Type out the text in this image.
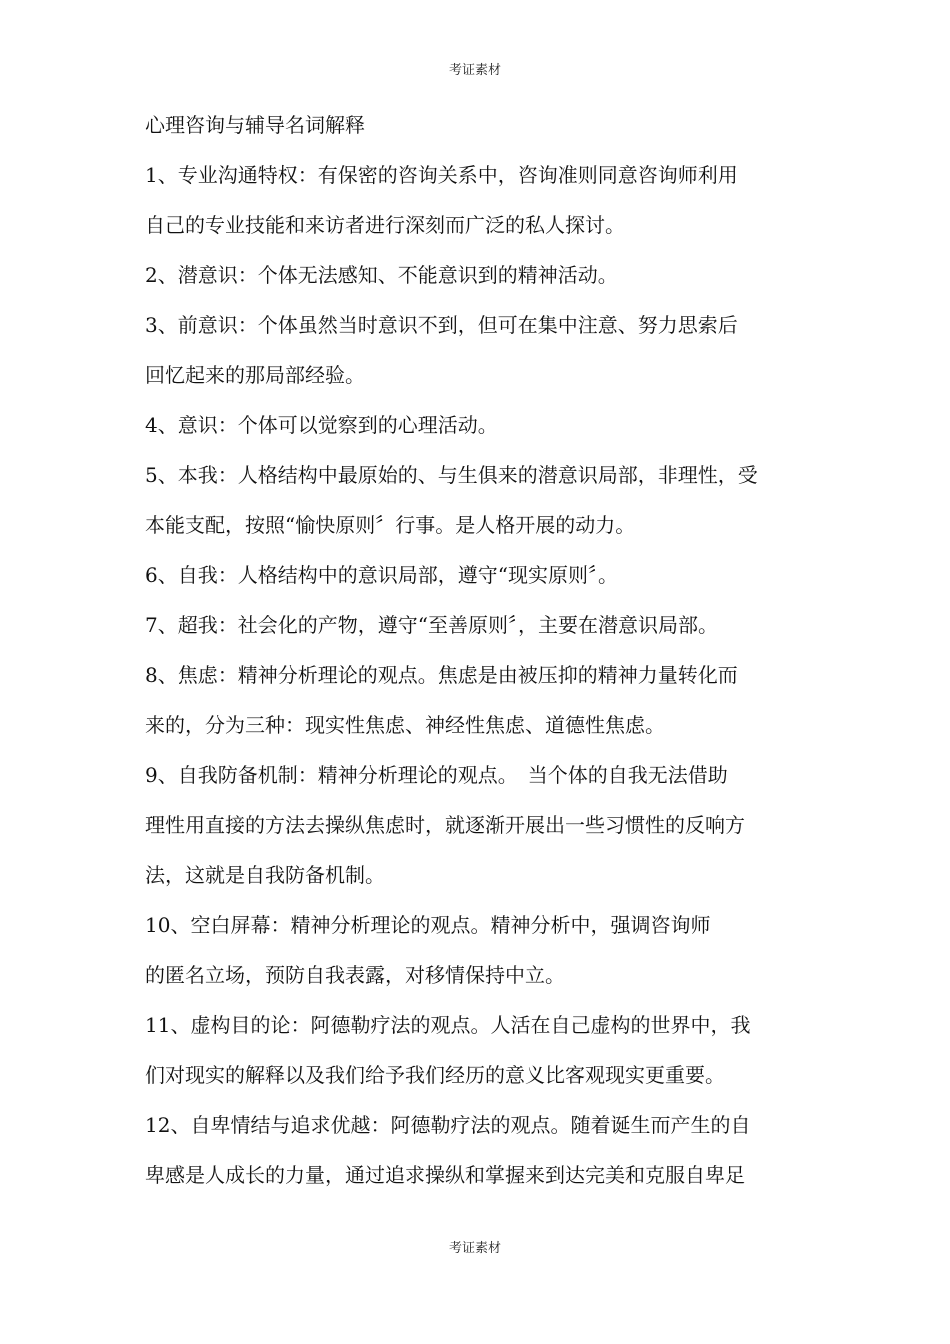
考证素材
心理咨询与辅导名词解释
1、专业沟通特权：有保密的咨询关系中，咨询准则同意咨询师利用
自己的专业技能和来访者进行深刻而广泛的私人探讨。
2、潜意识：个体无法感知、不能意识到的精神活动。
3、前意识：个体虽然当时意识不到，但可在集中注意、努力思索后
回忆起来的那局部经验。
4、意识：个体可以觉察到的心理活动。
5、本我：人格结构中最原始的、与生俱来的潜意识局部，非理性，受
本能支配，按照“愉快原则〞行事。是人格开展的动力。
6、自我：人格结构中的意识局部，遵守“现实原则〞。
7、超我：社会化的产物，遵守“至善原则〞，主要在潜意识局部。
8、焦虑：精神分析理论的观点。焦虑是由被压抑的精神力量转化而
来的，分为三种：现实性焦虑、神经性焦虑、道德性焦虑。
9、自我防备机制：精神分析理论的观点。　当个体的自我无法借助
理性用直接的方法去操纵焦虑时，就逐渐开展出一些习惯性的反响方
法，这就是自我防备机制。
10、空白屏幕：精神分析理论的观点。精神分析中，强调咨询师
的匿名立场，预防自我表露，对移情保持中立。
11、虚构目的论：阿德勒疗法的观点。人活在自己虚构的世界中，我
们对现实的解释以及我们给予我们经历的意义比客观现实更重要。
12、自卑情结与追求优越：阿德勒疗法的观点。随着诞生而产生的自
卑感是人成长的力量，通过追求操纵和掌握来到达完美和克服自卑足
考证素材
